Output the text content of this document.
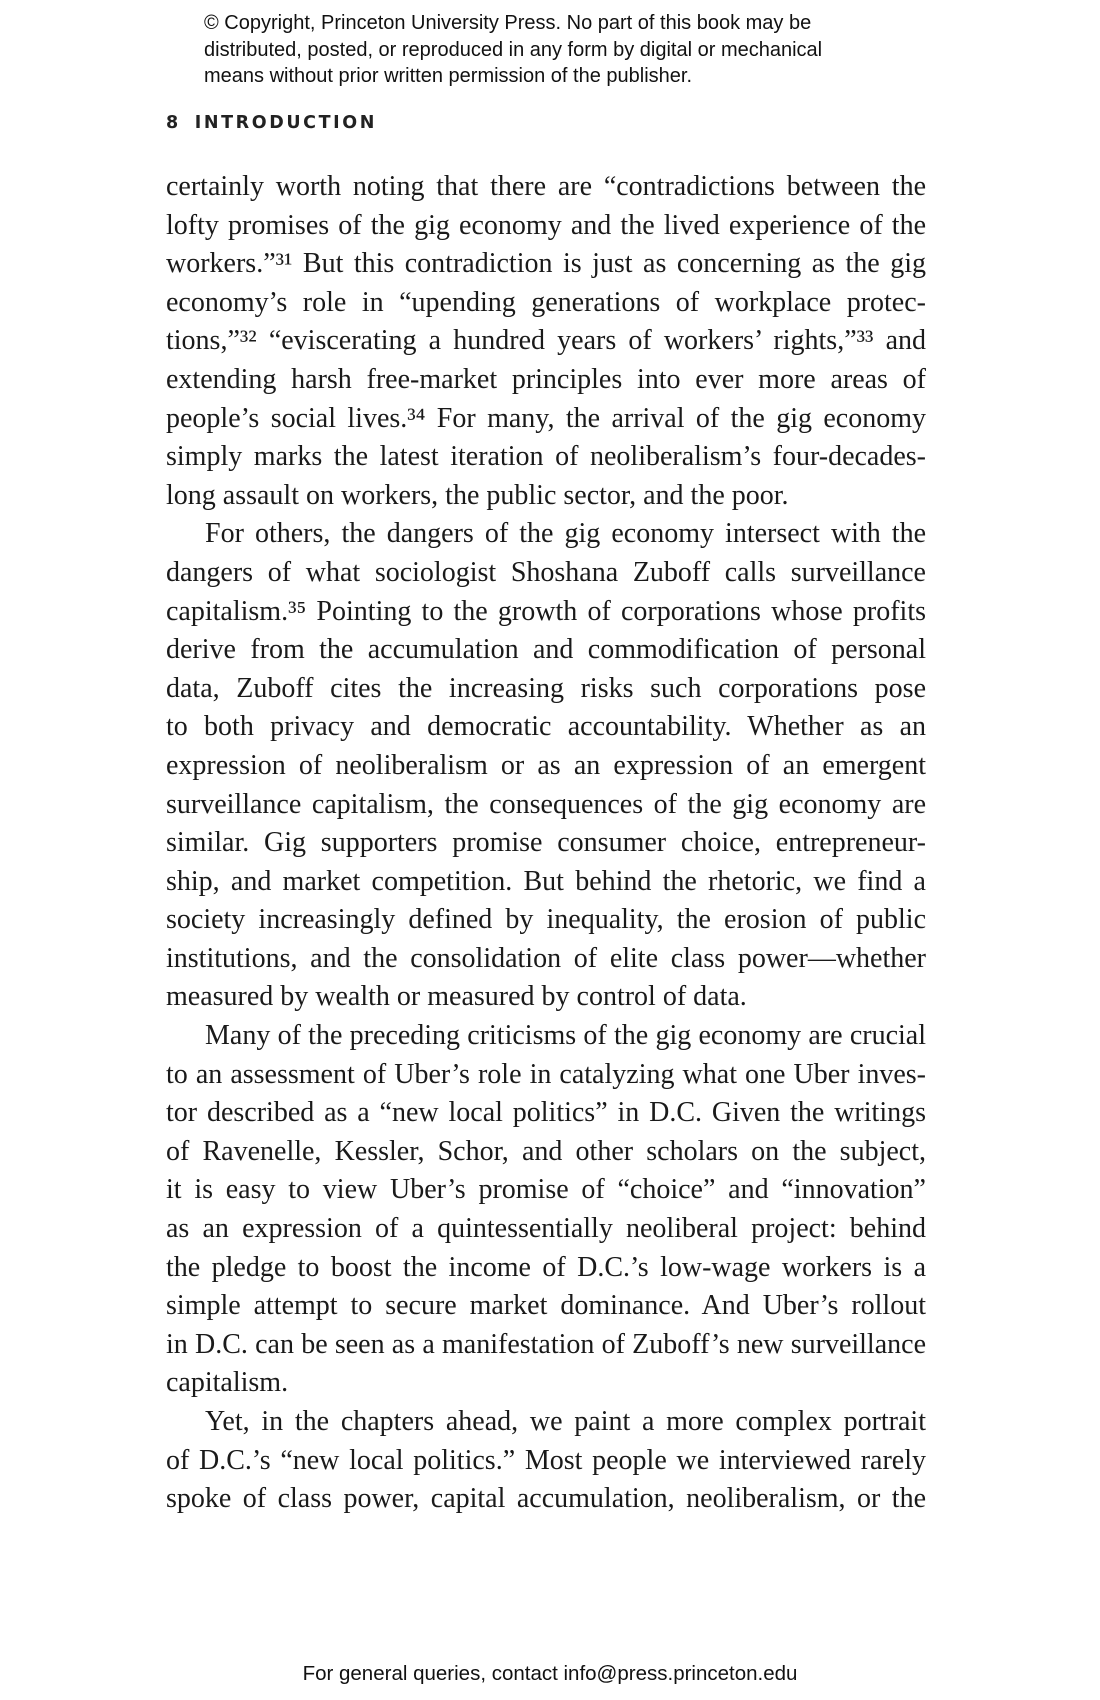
© Copyright, Princeton University Press. No part of this book may be
distributed, posted, or reproduced in any form by digital or mechanical
means without prior written permission of the publisher.
8 INTRODUCTION
certainly worth noting that there are “contradictions between the
lofty promises of the gig economy and the lived experience of the
workers.”³¹ But this contradiction is just as concerning as the gig
economy’s role in “upending generations of workplace protec-
tions,”³² “eviscerating a hundred years of workers’ rights,”³³ and
extending harsh free-market principles into ever more areas of
people’s social lives.³⁴ For many, the arrival of the gig economy
simply marks the latest iteration of neoliberalism’s four-decades-
long assault on workers, the public sector, and the poor.
For others, the dangers of the gig economy intersect with the
dangers of what sociologist Shoshana Zuboff calls surveillance
capitalism.³⁵ Pointing to the growth of corporations whose profits
derive from the accumulation and commodification of personal
data, Zuboff cites the increasing risks such corporations pose
to both privacy and democratic accountability. Whether as an
expression of neoliberalism or as an expression of an emergent
surveillance capitalism, the consequences of the gig economy are
similar. Gig supporters promise consumer choice, entrepreneur-
ship, and market competition. But behind the rhetoric, we find a
society increasingly defined by inequality, the erosion of public
institutions, and the consolidation of elite class power—whether
measured by wealth or measured by control of data.
Many of the preceding criticisms of the gig economy are crucial
to an assessment of Uber’s role in catalyzing what one Uber inves-
tor described as a “new local politics” in D.C. Given the writings
of Ravenelle, Kessler, Schor, and other scholars on the subject,
it is easy to view Uber’s promise of “choice” and “innovation”
as an expression of a quintessentially neoliberal project: behind
the pledge to boost the income of D.C.’s low-wage workers is a
simple attempt to secure market dominance. And Uber’s rollout
in D.C. can be seen as a manifestation of Zuboff’s new surveillance
capitalism.
Yet, in the chapters ahead, we paint a more complex portrait
of D.C.’s “new local politics.” Most people we interviewed rarely
spoke of class power, capital accumulation, neoliberalism, or the
For general queries, contact info@press.princeton.edu
